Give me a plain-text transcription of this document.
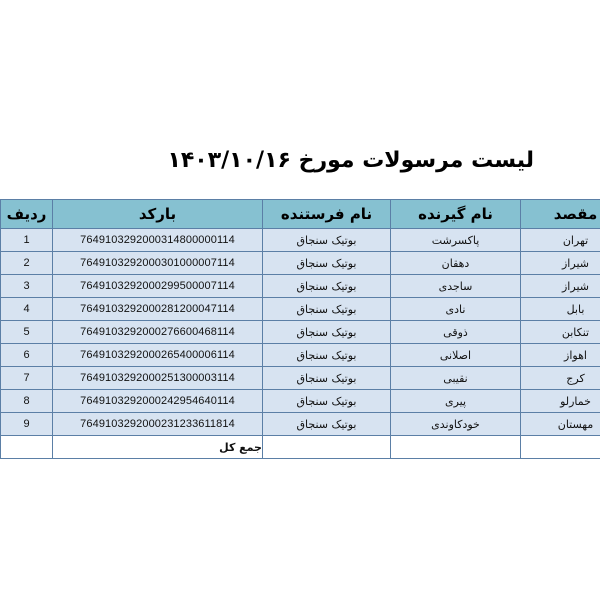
لیست مرسولات مورخ ۱۴۰۳/۱۰/۱۶
مقصد	نام گیرنده	نام فرستنده	بارکد	ردیف
تهران	پاکسرشت	بوتیک سنجاق	7649103292000314800000114	1
شیراز	دهقان	بوتیک سنجاق	7649103292000301000007114	2
شیراز	ساجدی	بوتیک سنجاق	7649103292000299500007114	3
بابل	نادی	بوتیک سنجاق	7649103292000281200047114	4
تنکابن	ذوقی	بوتیک سنجاق	7649103292000276600468114	5
اهواز	اصلانی	بوتیک سنجاق	7649103292000265400006114	6
کرج	نقیبی	بوتیک سنجاق	7649103292000251300003114	7
خمارلو	پیری	بوتیک سنجاق	7649103292000242954640114	8
مهستان	خودکاوندی	بوتیک سنجاق	7649103292000231233611814	9
			جمع کل	
